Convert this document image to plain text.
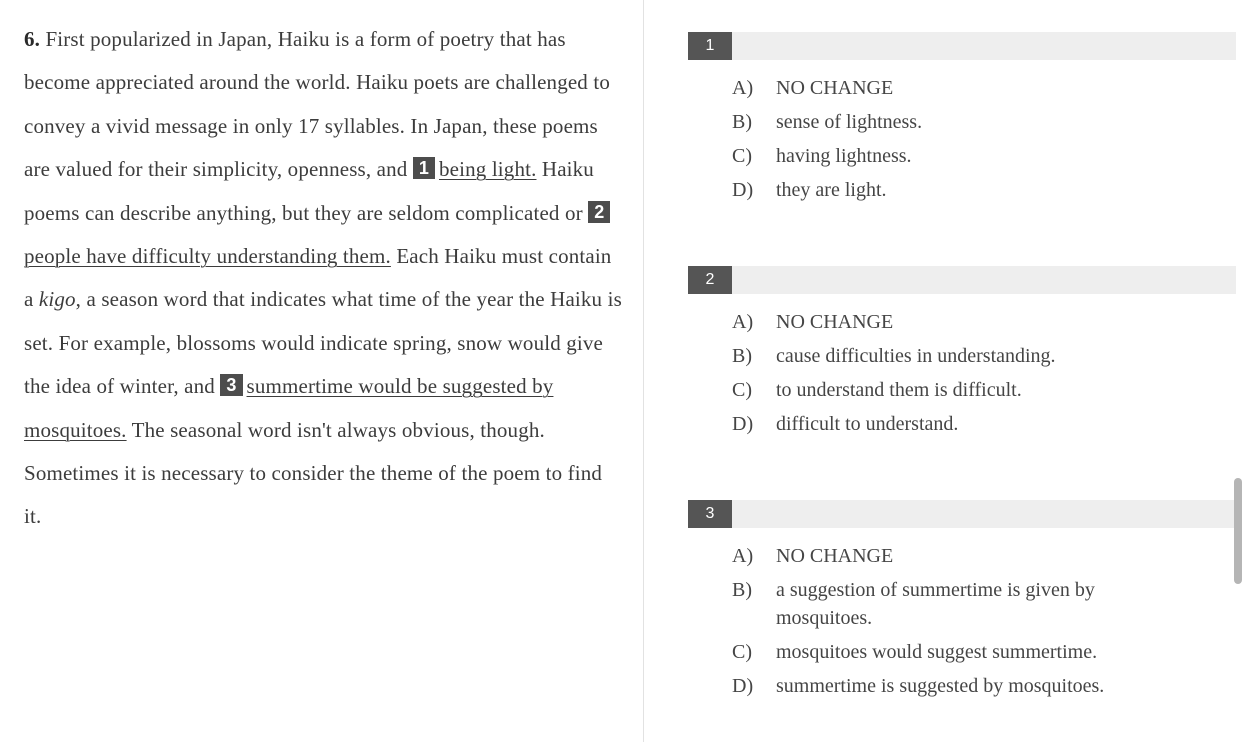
6. First popularized in Japan, Haiku is a form of poetry that has become appreciated around the world. Haiku poets are challenged to convey a vivid message in only 17 syllables. In Japan, these poems are valued for their simplicity, openness, and 1 being light. Haiku poems can describe anything, but they are seldom complicated or 2people have difficulty understanding them. Each Haiku must contain a kigo, a season word that indicates what time of the year the Haiku is set. For example, blossoms would indicate spring, snow would give the idea of winter, and 3 summertime would be suggested by mosquitoes. The seasonal word isn't always obvious, though. Sometimes it is necessary to consider the theme of the poem to find it.
1
A)	NO CHANGE
B)	sense of lightness.
C)	having lightness.
D)	they are light.
2
A)	NO CHANGE
B)	cause difficulties in understanding.
C)	to understand them is difficult.
D)	difficult to understand.
3
A)	NO CHANGE
B)	a suggestion of summertime is given by mosquitoes.
C)	mosquitoes would suggest summertime.
D)	summertime is suggested by mosquitoes.
